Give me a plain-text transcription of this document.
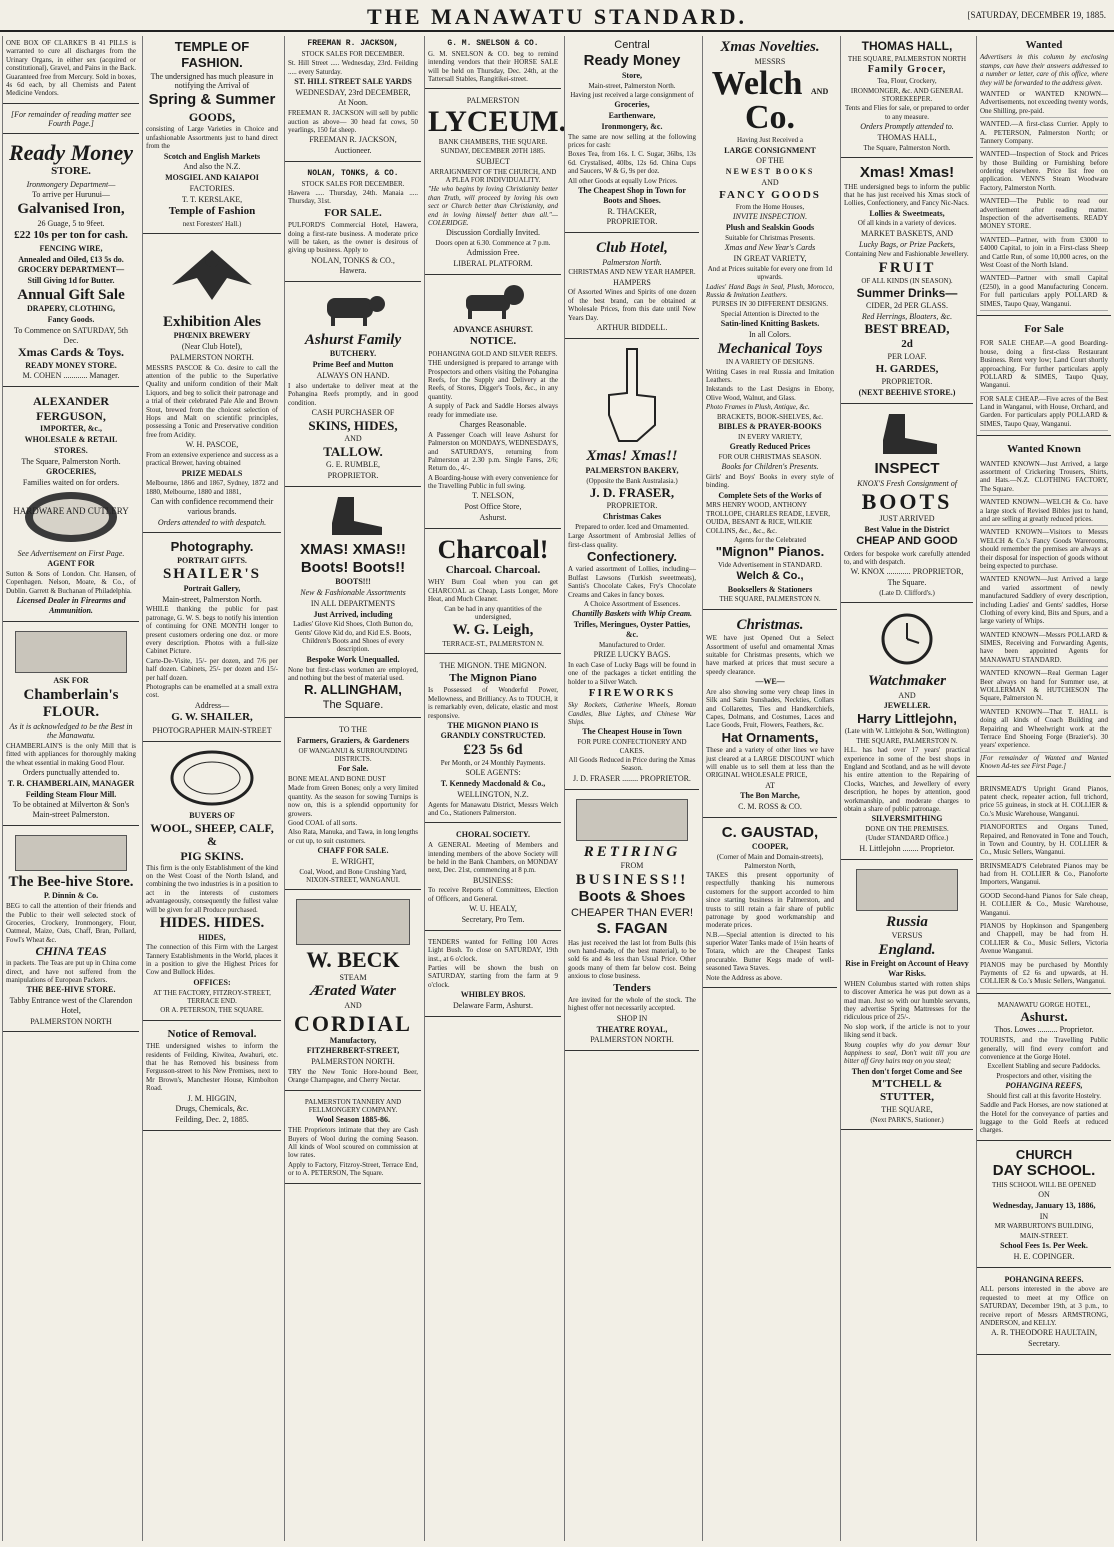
THE MANAWATU STANDARD.	[SATURDAY, DECEMBER 19, 1885.

ONE BOX OF CLARKE'S B 41 PILLS is warranted to cure all discharges from the Urinary Organs, in either sex (acquired or constitutional), Gravel, and Pains in the Back. Guaranteed free from Mercury. Sold in boxes, 4s 6d each, by all Chemists and Patent Medicine Vendors.

[For remainder of reading matter see Fourth Page.]

Ready Money

STORE.

Ironmongery Department—

To arrive per Hurunui—

Galvanised Iron,

26 Guage, 5 to 9feet.

£22 10s per ton for cash.

FENCING WIRE,

Annealed and Oiled, £13 5s do.

GROCERY DEPARTMENT—

Still Giving 1d for Butter.

Annual Gift Sale

DRAPERY, CLOTHING,

Fancy Goods.

To Commence on SATURDAY, 5th Dec.

Xmas Cards & Toys.

READY MONEY STORE.

M. COHEN ............ Manager.

ALEXANDER FERGUSON,

IMPORTER, &c.,

WHOLESALE & RETAIL

STORES.

The Square, Palmerston North.

GROCERIES,

Families waited on for orders.

HARDWARE AND CUTLERY

See Advertisement on First Page.

AGENT FOR

Sutton & Sons of London. Chr. Hansen, of Copenhagen. Nelson, Moate, & Co., of Dublin. Garrett & Buchanan of Philadelphia.

Licensed Dealer in Firearms and Ammunition.

ASK FOR

Chamberlain's

FLOUR.

As it is acknowledged to be the Best in the Manawatu.

CHAMBERLAIN'S is the only Mill that is fitted with appliances for thoroughly making the wheat essential in making Good Flour.

Orders punctually attended to.

T. R. CHAMBERLAIN, MANAGER

Feilding Steam Flour Mill.

To be obtained at Milverton & Son's Main-street Palmerston.

The Bee-hive Store.

P. Dinnin & Co.

BEG to call the attention of their friends and the Public to their well selected stock of Groceries, Crockery, Ironmongery, Flour, Oatmeal, Maize, Oats, Chaff, Bran, Pollard, Fowl's Wheat &c.

CHINA TEAS

in packets. The Teas are put up in China come direct, and have not suffered from the manipulations of European Packers.

THE BEE-HIVE STORE.

Tabby Entrance west of the Clarendon Hotel,

PALMERSTON NORTH

TEMPLE OF FASHION.

The undersigned has much pleasure in notifying the Arrival of

Spring & Summer

GOODS,

consisting of Large Varieties in Choice and unfashionable Assortments just to hand direct from the

Scotch and English Markets

And also the N.Z.

MOSGIEL AND KAIAPOI

FACTORIES.

T. T. KERSLAKE,

Temple of Fashion

next Foresters' Hall.)

Exhibition Ales

PHŒNIX BREWERY

(Near Club Hotel),

PALMERSTON NORTH.

MESSRS PASCOE & Co. desire to call the attention of the public to the Superlative Quality and uniform condition of their Malt Liquors, and beg to solicit their patronage and a trial of their celebrated Pale Ale and Brown Stout, brewed from the choicest selection of Hops and Malt on scientific principles, possessing a Tonic and Preservative condition free from Acidity.

W. H. PASCOE,

From an extensive experience and success as a practical Brewer, having obtained

PRIZE MEDALS

Melbourne, 1866 and 1867, Sydney, 1872 and 1880, Melbourne, 1880 and 1881,

Can with confidence recommend their various brands.

Orders attended to with despatch.

Photography.

PORTRAIT GIFTS.

SHAILER'S

Portrait Gallery,

Main-street, Palmerston North.

WHILE thanking the public for past patronage, G. W. S. begs to notify his intention of continuing for ONE MONTH longer to present customers ordering one doz. or more every description. Photos with a full-size Cabinet Picture.

Carte-De-Visite, 15/- per dozen, and 7/6 per half dozen. Cabinets, 25/- per dozen and 15/- per half dozen.

Photographs can be enamelled at a small extra cost.

Address—

G. W. SHAILER,

PHOTOGRAPHER MAIN-STREET

BUYERS OF

WOOL, SHEEP, CALF, &

PIG SKINS.

This firm is the only Establishment of the kind on the West Coast of the North Island, and combining the two industries is in a position to act in the interests of customers advantageously, consequently the fullest value will be given for all Produce purchased.

HIDES. HIDES.

HIDES,

The connection of this Firm with the Largest Tannery Establishments in the World, places it in a position to give the Highest Prices for Cow and Bullock Hides.

OFFICES:

AT THE FACTORY, FITZROY-STREET, TERRACE END.

OR A. PETERSON, THE SQUARE.

Notice of Removal.

THE undersigned wishes to inform the residents of Feilding, Kiwitea, Awahuri, etc. that he has Removed his business from Fergusson-street to his New Premises, next to Mr Brown's, Manchester House, Kimbolton Road.

J. M. HIGGIN,

Drugs, Chemicals, &c.

Feilding, Dec. 2, 1885.

FREEMAN R. JACKSON,

STOCK SALES FOR DECEMBER.

St. Hill Street ..... Wednesday, 23rd. Feilding ..... every Saturday.

ST. HILL STREET SALE YARDS

WEDNESDAY, 23rd DECEMBER,

At Noon.

FREEMAN R. JACKSON will sell by public auction as above— 30 head fat cows, 50 yearlings, 150 fat sheep.

FREEMAN R. JACKSON,

Auctioneer.

NOLAN, TONKS, & CO.

STOCK SALES FOR DECEMBER.

Hawera ..... Thursday, 24th. Manaia ..... Thursday, 31st.

FOR SALE.

PULFORD'S Commercial Hotel, Hawera, doing a first-rate business. A moderate price will be taken, as the owner is desirous of giving up business. Apply to

NOLAN, TONKS & CO.,

Hawera.

Ashurst Family

BUTCHERY.

Prime Beef and Mutton

ALWAYS ON HAND.

I also undertake to deliver meat at the Pohangina Reefs promptly, and in good condition.

CASH PURCHASER OF

SKINS, HIDES,

AND

TALLOW.

G. E. RUMBLE,

PROPRIETOR.

XMAS! XMAS!!

Boots! Boots!!

BOOTS!!!

New & Fashionable Assortments

IN ALL DEPARTMENTS

Just Arrived, including

Ladies' Glove Kid Shoes, Cloth Button do, Gents' Glove Kid do, and Kid E.S. Boots, Children's Boots and Shoes of every description.

Bespoke Work Unequalled.

None but first-class workmen are employed, and nothing but the best of material used.

R. ALLINGHAM,

The Square.

TO THE

Farmers, Graziers, & Gardeners

OF WANGANUI & SURROUNDING DISTRICTS.

For Sale.

BONE MEAL AND BONE DUST

Made from Green Bones; only a very limited quantity. As the season for sowing Turnips is now on, this is a splendid opportunity for growers.

Good COAL of all sorts.

Also Rata, Manuka, and Tawa, in long lengths or cut up, to suit customers.

CHAFF FOR SALE.

E. WRIGHT,

Coal, Wood, and Bone Crushing Yard, NIXON-STREET, WANGANUI.

W. BECK

STEAM

Ærated Water

AND

CORDIAL

Manufactory,

FITZHERBERT-STREET,

PALMERSTON NORTH.

TRY the New Tonic Hore-hound Beer, Orange Champagne, and Cherry Nectar.

PALMERSTON TANNERY AND FELLMONGERY COMPANY.

Wool Season 1885-86.

THE Proprietors intimate that they are Cash Buyers of Wool during the coming Season. All kinds of Wool scoured on commission at low rates.

Apply to Factory, Fitzroy-Street, Terrace End, or to A. PETERSON, The Square.

G. M. SNELSON & CO.

G. M. SNELSON & CO. beg to remind intending vendors that their HORSE SALE will be held on Thursday, Dec. 24th, at the Tattersall Stables, Rangitikei-street.

PALMERSTON

LYCEUM.

BANK CHAMBERS, THE SQUARE.

SUNDAY, DECEMBER 20TH 1885.

SUBJECT

ARRAIGNMENT OF THE CHURCH, AND A PLEA FOR INDIVIDUALITY.

"He who begins by loving Christianity better than Truth, will proceed by loving his own sect or Church better than Christianity, and end in loving himself better than all."—COLERIDGE.

Discussion Cordially Invited.

Doors open at 6.30. Commence at 7 p.m.

Admission Free.

LIBERAL PLATFORM.

ADVANCE ASHURST.

NOTICE.

POHANGINA GOLD AND SILVER REEFS.

THE undersigned is prepared to arrange with Prospectors and others visiting the Pohangina Reefs, for the Supply and Delivery at the Reefs, of Stores, Digger's Tools, &c., in any quantity.

A supply of Pack and Saddle Horses always ready for immediate use.

Charges Reasonable.

A Passenger Coach will leave Ashurst for Palmerston on MONDAYS, WEDNESDAYS, and SATURDAYS, returning from Palmerston at 2.30 p.m. Single Fares, 2/6; Return do., 4/-.

A Boarding-house with every convenience for the Travelling Public in full swing.

T. NELSON,

Post Office Store,

Ashurst.

Charcoal!

Charcoal. Charcoal.

WHY Burn Coal when you can get CHARCOAL as Cheap, Lasts Longer, More Heat, and Much Cleaner.

Can be had in any quantities of the undersigned,

W. G. Leigh,

TERRACE-ST., PALMERSTON N.

THE MIGNON. THE MIGNON.

The Mignon Piano

Is Possessed of Wonderful Power, Mellowness, and Brilliancy. As to TOUCH, it is remarkably even, delicate, elastic and most responsive.

THE MIGNON PIANO IS GRANDLY CONSTRUCTED.

£23 5s 6d

Per Month, or 24 Monthly Payments.

SOLE AGENTS:

T. Kennedy Macdonald & Co.,

WELLINGTON, N.Z.

Agents for Manawatu District, Messrs Welch and Co., Stationers Palmerston.

CHORAL SOCIETY.

A GENERAL Meeting of Members and intending members of the above Society will be held in the Bank Chambers, on MONDAY next, Dec. 21st, commencing at 8 p.m.

BUSINESS:

To receive Reports of Committees, Election of Officers, and General.

W. U. HEALY,

Secretary, Pro Tem.

TENDERS wanted for Felling 100 Acres Light Bush. To close on SATURDAY, 19th inst., at 6 o'clock.

Parties will be shown the bush on SATURDAY, starting from the farm at 9 o'clock.

WHIBLEY BROS.

Delaware Farm, Ashurst.

Central

Ready Money

Store,

Main-street, Palmerston North.

Having just received a large consignment of

Groceries,

Earthenware,

Ironmongery, &c.

The same are now selling at the following prices for cash:

Boxes Tea, from 16s. I. C. Sugar, 36lbs, 13s 6d. Crystalised, 40lbs, 12s 6d. China Cups and Saucers, W & G, 9s per doz.

All other Goods at equally Low Prices.

The Cheapest Shop in Town for Boots and Shoes.

R. THACKER,

PROPRIETOR.

Club Hotel,

Palmerston North.

CHRISTMAS AND NEW YEAR HAMPER.

HAMPERS

Of Assorted Wines and Spirits of one dozen of the best brand, can be obtained at Wholesale Prices, from this date until New Years Day.

ARTHUR BIDDELL.

Xmas! Xmas!!

PALMERSTON BAKERY,

(Opposite the Bank Australasia.)

J. D. FRASER,

PROPRIETOR.

Christmas Cakes

Prepared to order. Iced and Ornamented.

Large Assortment of Ambrosial Jellies of first-class quality.

Confectionery.

A varied assortment of Lollies, including—Bulfast Lawsons (Turkish sweetmeats), Santis's Chocolate Cakes, Fry's Chocolate Creams and Cakes in fancy boxes.

A Choice Assortment of Essences.

Chantilly Baskets with Whip Cream.

Trifles, Meringues, Oyster Patties, &c.

Manufactured to Order.

PRIZE LUCKY BAGS.

In each Case of Lucky Bags will be found in one of the packages a ticket entitling the holder to a Silver Watch.

FIREWORKS

Sky Rockets, Catherine Wheels, Roman Candles, Blue Lights, and Chinese War Ships.

The Cheapest House in Town

FOR PURE CONFECTIONERY AND CAKES.

All Goods Reduced in Price during the Xmas Season.

J. D. FRASER ........ PROPRIETOR.

RETIRING

FROM

BUSINESS!!

Boots & Shoes

CHEAPER THAN EVER!

S. FAGAN

Has just received the last lot from Bulls (his own hand-made, of the best material), to be sold 6s and 4s less than Usual Price. Other goods many of them far below cost. Being anxious to close business.

Tenders

Are invited for the whole of the stock. The highest offer not necessarily accepted.

SHOP IN

THEATRE ROYAL,

PALMERSTON NORTH.

Xmas Novelties.

MESSRS

Welch AND Co.

Having Just Received a

LARGE CONSIGNMENT

OF THE

NEWEST BOOKS

AND

FANCY GOODS

From the Home Houses,

INVITE INSPECTION.

Plush and Sealskin Goods

Suitable for Christmas Presents.

Xmas and New Year's Cards

IN GREAT VARIETY,

And at Prices suitable for every one from 1d upwards.

Ladies' Hand Bags in Seal, Plush, Morocco, Russia & Imitation Leathers.

PURSES IN 30 DIFFERENT DESIGNS.

Special Attention is Directed to the

Satin-lined Knitting Baskets.

In all Colors.

Mechanical Toys

IN A VARIETY OF DESIGNS.

Writing Cases in real Russia and Imitation Leathers.

Inkstands to the Last Designs in Ebony, Olive Wood, Walnut, and Glass.

Photo Frames in Plush, Antique, &c.

BRACKETS, BOOK-SHELVES, &c.

BIBLES & PRAYER-BOOKS

IN EVERY VARIETY,

Greatly Reduced Prices

FOR OUR CHRISTMAS SEASON.

Books for Children's Presents.

Girls' and Boys' Books in every style of binding.

Complete Sets of the Works of

MRS HENRY WOOD, ANTHONY TROLLOPE, CHARLES READE, LEVER, OUIDA, BESANT & RICE, WILKIE COLLINS, &c., &c., &c.

Agents for the Celebrated

"Mignon" Pianos.

Vide Advertisement in STANDARD.

Welch & Co.,

Booksellers & Stationers

THE SQUARE, PALMERSTON N.

Christmas.

WE have just Opened Out a Select Assortment of useful and ornamental Xmas suitable for Christmas presents, which we have marked at prices that must secure a speedy clearance.

—WE—

Are also showing some very cheap lines in Silk and Satin Sunshades, Neckties, Collars and Collarettes, Ties and Handkerchiefs, Capes, Dolmans, and Costumes, Laces and Lace Goods, Fruit, Flowers, Feathers, &c.

Hat Ornaments,

These and a variety of other lines we have just cleared at a LARGE DISCOUNT which will enable us to sell them at less than the ORIGINAL WHOLESALE PRICE,

AT

The Bon Marche,

C. M. ROSS & CO.

C. GAUSTAD,

COOPER,

(Corner of Main and Domain-streets), Palmerston North,

TAKES this present opportunity of respectfully thanking his numerous customers for the support accorded to him since starting business in Palmerston, and trusts to still retain a fair share of public patronage by good workmanship and moderate prices.

N.B.—Special attention is directed to his superior Water Tanks made of 1½in hearts of Totara, which are the Cheapest Tanks procurable. Butter Kegs made of well-seasoned Tawa Staves.

Note the Address as above.

THOMAS HALL,

THE SQUARE, PALMERSTON NORTH

Family Grocer,

Tea, Flour, Crockery,

IRONMONGER, &c. AND GENERAL STOREKEEPER.

Tents and Flies for sale, or prepared to order to any measure.

Orders Promptly attended to.

THOMAS HALL,

The Square, Palmerston North.

Xmas! Xmas!

THE undersigned begs to inform the public that he has just received his Xmas stock of Lollies, Confectionery, and Fancy Nic-Nacs.

Lollies & Sweetmeats,

Of all kinds in a variety of devices.

MARKET BASKETS, AND

Lucky Bags, or Prize Packets,

Containing New and Fashionable Jewellery.

FRUIT

OF ALL KINDS (IN SEASON).

Summer Drinks—

CIDER, 2d PER GLASS.

Red Herrings, Bloaters, &c.

BEST BREAD,

2d

PER LOAF.

H. GARDES,

PROPRIETOR.

(NEXT BEEHIVE STORE.)

INSPECT

KNOX'S Fresh Consignment of

BOOTS

JUST ARRIVED

Best Value in the District

CHEAP AND GOOD

Orders for bespoke work carefully attended to, and with despatch.

W. KNOX ............ PROPRIETOR,

The Square.

(Late D. Clifford's.)

Watchmaker

AND

JEWELLER.

Harry Littlejohn,

(Late with W. Littlejohn & Son, Wellington)

THE SQUARE, PALMERSTON N.

H.L. has had over 17 years' practical experience in some of the best shops in England and Scotland, and as he will devote his entire attention to the Repairing of Clocks, Watches, and Jewellery of every description, he hopes by attention, good workmanship, and moderate charges to obtain a share of public patronage.

SILVERSMITHING

DONE ON THE PREMISES.

(Under STANDARD Office.)

H. Littlejohn ........ Proprietor.

Russia

VERSUS

England.

Rise in Freight on Account of Heavy War Risks.

WHEN Columbus started with rotten ships to discover America he was put down as a mad man. Just so with our humble servants, they advertise Spring Mattresses for the ridiculous price of 25/-.

No slop work, if the article is not to your liking send it back.

Young couples why do you demur Your happiness to seal, Don't wait till you are bitter off Grey hairs may on you steal;

Then don't forget Come and See

M'TCHELL & STUTTER,

THE SQUARE,

(Next PARK'S, Stationer.)

Wanted

Advertisers in this column by enclosing stamps, can have their answers addressed to a number or letter, care of this office, where they will be forwarded to the address given.

WANTED or WANTED KNOWN—Advertisements, not exceeding twenty words, One Shilling, pre-paid.
WANTED.—A first-class Currier. Apply to A. PETERSON, Palmerston North; or Tannery Company.
WANTED—Inspection of Stock and Prices by those Building or Furnishing before ordering elsewhere. Price list free on application. VENN'S Steam Woodware Factory, Palmerston North.
WANTED—The Public to read our advertisement after reading matter. Inspection of the advertisements. READY MONEY STORE.
WANTED—Partner, with from £3000 to £4000 Capital, to join in a First-class Sheep and Cattle Run, of some 10,000 acres, on the West Coast of the North Island.
WANTED—Partner with small Capital (£250), in a good Manufacturing Concern. For full particulars apply POLLARD & SIMES, Taupo Quay, Wanganui.

For Sale

FOR SALE CHEAP.—A good Boarding-house, doing a first-class Restaurant Business. Rent very low; Land Court shortly approaching. For further particulars apply POLLARD & SIMES, Taupo Quay, Wanganui.
FOR SALE CHEAP.—Five acres of the Best Land in Wanganui, with House, Orchard, and Garden. For particulars apply POLLARD & SIMES, Taupo Quay, Wanganui.

Wanted Known

WANTED KNOWN—Just Arrived, a large assortment of Crickering Trousers, Shirts, and Hats.—N.Z. CLOTHING FACTORY, The Square.
WANTED KNOWN—WELCH & Co. have a large stock of Revised Bibles just to hand, and are selling at greatly reduced prices.
WANTED KNOWN—Visitors to Messrs WELCH & Co.'s Fancy Goods Warerooms, should remember the premises are always at their disposal for inspection of goods without being expected to purchase.
WANTED KNOWN—Just Arrived a large and varied assortment of newly manufactured Saddlery of every description, including Ladies' and Gents' saddles, Horse Clothing of every kind, Bits and Spurs, and a large variety of Whips.
WANTED KNOWN—Messrs POLLARD & SIMES, Receiving and Forwarding Agents, have been appointed Agents for MANAWATU STANDARD.
WANTED KNOWN—Real German Lager Beer always on hand for Summer use, at WOLLERMAN & HUTCHESON The Square, Palmerston N.
WANTED KNOWN—That T. HALL is doing all kinds of Coach Building and Repairing and Wheelwright work at the Terrace End Shoeing Forge (Brazier's). 30 years' experience.

[For remainder of Wanted and Wanted Known Ad-tes see First Page.]

BRINSMEAD'S Upright Grand Pianos, patent check, repeater action, full trichord, price 55 guineas, in stock at H. COLLIER & Co.'s Music Warehouse, Wanganui.
PIANOFORTES and Organs Tuned, Repaired, and Renovated in Tone and Touch, in Town and Country, by H. COLLIER & Co., Music Sellers, Wanganui.
BRINSMEAD'S Celebrated Pianos may be had from H. COLLIER & Co., Pianoforte Importers, Wanganui.
GOOD Second-hand Pianos for Sale cheap, H. COLLIER & Co., Music Warehouse, Wanganui.
PIANOS by Hopkinson and Spangenberg and Chappell, may be had from H. COLLIER & Co., Music Sellers, Victoria Avenue Wanganui.
PIANOS may be purchased by Monthly Payments of £2 6s and upwards, at H. COLLIER & Co.'s Music Sellers, Wanganui.

MANAWATU GORGE HOTEL,

Ashurst.

Thos. Lowes .......... Proprietor.

TOURISTS, and the Travelling Public generally, will find every comfort and convenience at the Gorge Hotel.

Excellent Stabling and secure Paddocks.

Prospectors and other, visiting the

POHANGINA REEFS,

Should first call at this favorite Hostelry.

Saddle and Pack Horses, are now stationed at the Hotel for the conveyance of parties and luggage to the Gold Reefs at reduced charges.

CHURCH

DAY SCHOOL.

THIS SCHOOL WILL BE OPENED

ON

Wednesday, January 13, 1886,

IN

MR WARBURTON'S BUILDING,

MAIN-STREET.

School Fees 1s. Per Week.

H. E. COPINGER.

POHANGINA REEFS.

ALL persons interested in the above are requested to meet at my Office on SATURDAY, December 19th, at 3 p.m., to receive report of Messrs ARMSTRONG, ANDERSON, and KELLY.

A. R. THEODORE HAULTAIN,

Secretary.
